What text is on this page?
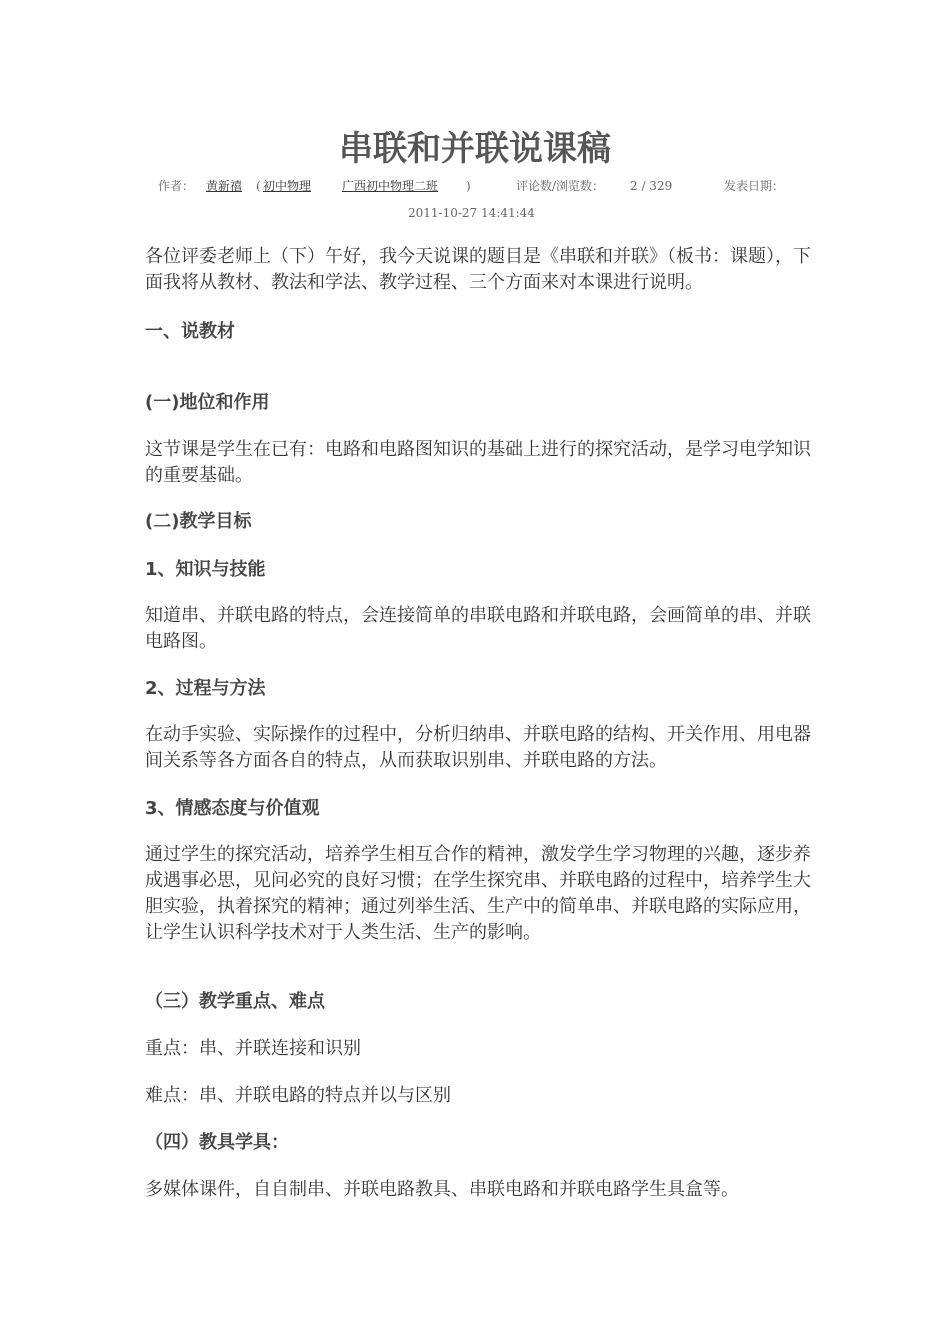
串联和并联说课稿
作者： 黄新禧 ( 初中物理	广西初中物理二班 )	评论数/浏览数： 2 / 329	发表日期：
2011-10-27 14:41:44

各位评委老师上（下）午好，我今天说课的题目是《串联和并联》（板书：课题），下面我将从教材、教法和学法、教学过程、三个方面来对本课进行说明。

一、说教材

(一)地位和作用

这节课是学生在已有：电路和电路图知识的基础上进行的探究活动，是学习电学知识的重要基础。

(二)教学目标

1、知识与技能

知道串、并联电路的特点，会连接简单的串联电路和并联电路，会画简单的串、并联电路图。

2、过程与方法

在动手实验、实际操作的过程中，分析归纳串、并联电路的结构、开关作用、用电器间关系等各方面各自的特点，从而获取识别串、并联电路的方法。

3、情感态度与价值观

通过学生的探究活动，培养学生相互合作的精神，激发学生学习物理的兴趣，逐步养成遇事必思，见问必究的良好习惯；在学生探究串、并联电路的过程中，培养学生大胆实验，执着探究的精神；通过列举生活、生产中的简单串、并联电路的实际应用，让学生认识科学技术对于人类生活、生产的影响。

（三）教学重点、难点

重点：串、并联连接和识别

难点：串、并联电路的特点并以与区别

（四）教具学具：

多媒体课件，自自制串、并联电路教具、串联电路和并联电路学生具盒等。
